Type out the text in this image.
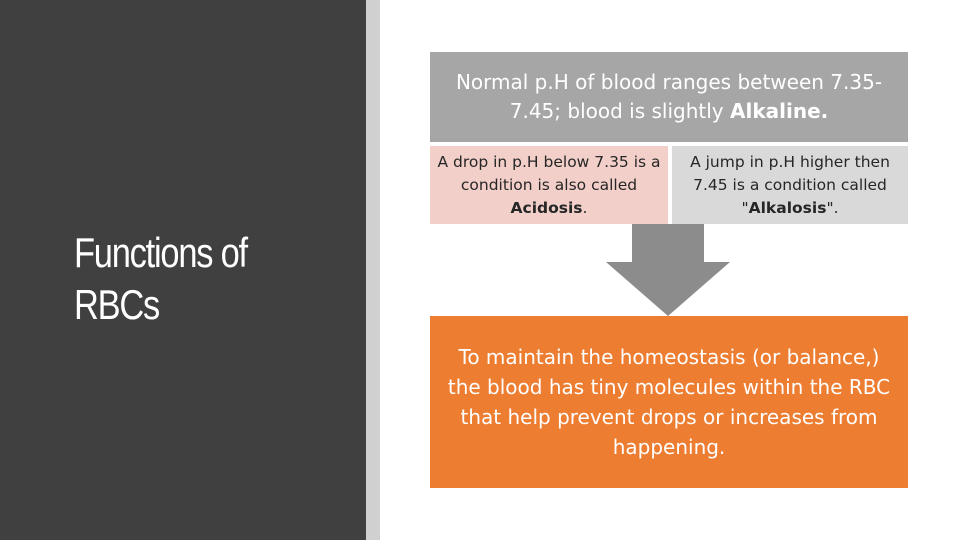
Functions of RBCs
Normal p.H of blood ranges between 7.35-7.45; blood is slightly Alkaline.
A drop in p.H below 7.35 is a condition is also called Acidosis.
A jump in p.H higher then 7.45 is a condition called "Alkalosis".
To maintain the homeostasis (or balance,) the blood has tiny molecules within the RBC that help prevent drops or increases from happening.
